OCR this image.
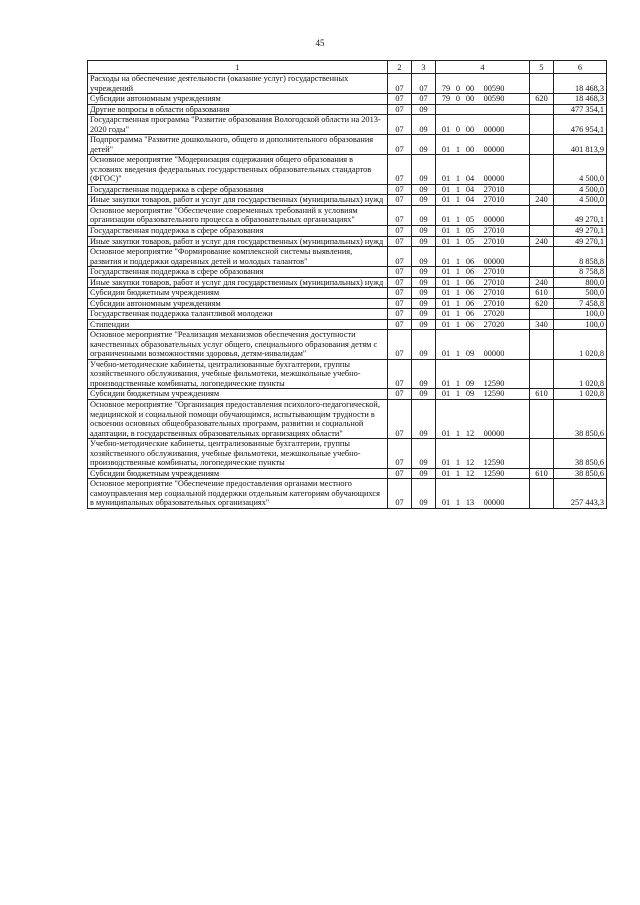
45
1	2	3	4	5	6
Расходы на обеспечение деятельности (оказание услуг) государственных учреждений	07	07	79 0 00 00590		18 468,3
Субсидии автономным учреждениям	07	07	79 0 00 00590	620	18 468,3
Другие вопросы в области образования	07	09			477 354,1
Государственная программа "Развитие образования Вологодской области на 2013-2020 годы"	07	09	01 0 00 00000		476 954,1
Подпрограмма "Развитие дошкольного, общего и дополнительного образования детей"	07	09	01 1 00 00000		401 813,9
Основное мероприятие "Модернизация содержания общего образования в условиях введения федеральных государственных образовательных стандартов (ФГОС)"	07	09	01 1 04 00000		4 500,0
Государственная поддержка в сфере образования	07	09	01 1 04 27010		4 500,0
Иные закупки товаров, работ и услуг для государственных (муниципальных) нужд	07	09	01 1 04 27010	240	4 500,0
Основное мероприятие "Обеспечение современных требований к условиям организации образовательного процесса в образовательных организациях"	07	09	01 1 05 00000		49 270,1
Государственная поддержка в сфере образования	07	09	01 1 05 27010		49 270,1
Иные закупки товаров, работ и услуг для государственных (муниципальных) нужд	07	09	01 1 05 27010	240	49 270,1
Основное мероприятие "Формирование комплексной системы выявления, развития и поддержки одаренных детей и молодых талантов"	07	09	01 1 06 00000		8 858,8
Государственная поддержка в сфере образования	07	09	01 1 06 27010		8 758,8
Иные закупки товаров, работ и услуг для государственных (муниципальных) нужд	07	09	01 1 06 27010	240	800,0
Субсидии бюджетным учреждениям	07	09	01 1 06 27010	610	500,0
Субсидии автономным учреждениям	07	09	01 1 06 27010	620	7 458,8
Государственная поддержка талантливой молодежи	07	09	01 1 06 27020		100,0
Стипендии	07	09	01 1 06 27020	340	100,0
Основное мероприятие "Реализация механизмов обеспечения доступности качественных образовательных услуг общего, специального образования детям с ограниченными возможностями здоровья, детям-инвалидам"	07	09	01 1 09 00000		1 020,8
Учебно-методические кабинеты, централизованные бухгалтерии, группы хозяйственного обслуживания, учебные фильмотеки, межшкольные учебно-производственные комбинаты, логопедические пункты	07	09	01 1 09 12590		1 020,8
Субсидии бюджетным учреждениям	07	09	01 1 09 12590	610	1 020,8
Основное мероприятие "Организация предоставления психолого-педагогической, медицинской и социальной помощи обучающимся, испытывающим трудности в освоении основных общеобразовательных программ, развитии и социальной адаптации, в государственных образовательных организациях области"	07	09	01 1 12 00000		38 850,6
Учебно-методические кабинеты, централизованные бухгалтерии, группы хозяйственного обслуживания, учебные фильмотеки, межшкольные учебно-производственные комбинаты, логопедические пункты	07	09	01 1 12 12590		38 850,6
Субсидии бюджетным учреждениям	07	09	01 1 12 12590	610	38 850,6
Основное мероприятие "Обеспечение предоставления органами местного самоуправления мер социальной поддержки отдельным категориям обучающихся в муниципальных образовательных организациях"	07	09	01 1 13 00000		257 443,3
